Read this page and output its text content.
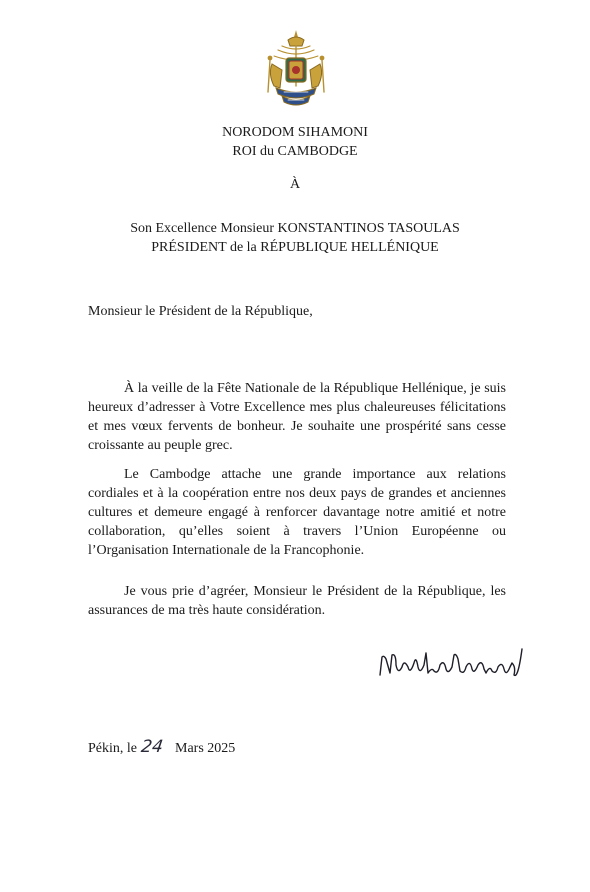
NORODOM SIHAMONI
ROI du CAMBODGE
À
Son Excellence Monsieur KONSTANTINOS TASOULAS
PRÉSIDENT de la RÉPUBLIQUE HELLÉNIQUE
Monsieur le Président de la République,

À la veille de la Fête Nationale de la République Hellénique, je suis heureux d’adresser à Votre Excellence mes plus chaleureuses félicitations et mes vœux fervents de bonheur. Je souhaite une prospérité sans cesse croissante au peuple grec.

Le Cambodge attache une grande importance aux relations cordiales et à la coopération entre nos deux pays de grandes et anciennes cultures et demeure engagé à renforcer davantage notre amitié et notre collaboration, qu’elles soient à travers l’Union Européenne ou l’Organisation Internationale de la Francophonie.

Je vous prie d’agréer, Monsieur le Président de la République, les assurances de ma très haute considération.

Pékin, le 24 Mars 2025
